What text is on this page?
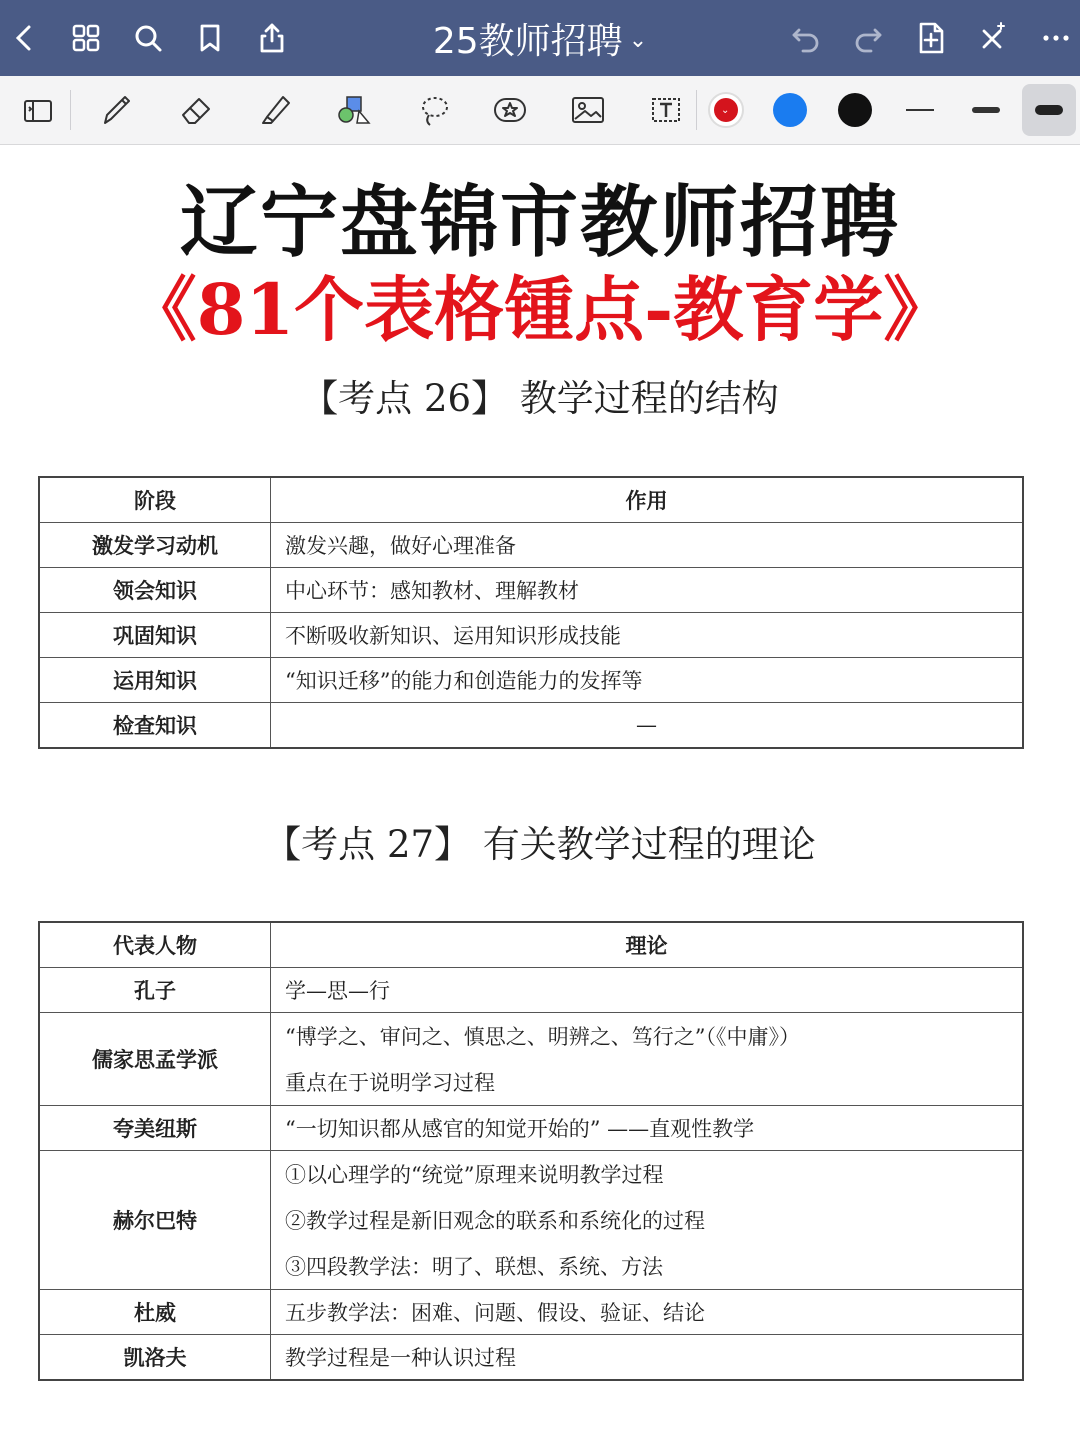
25教师招聘 ⌄
⌄
辽宁盘锦市教师招聘
《81个表格锺点-教育学》
【考点 26】 教学过程的结构
阶段	作用
激发学习动机	激发兴趣，做好心理准备
领会知识	中心环节：感知教材、理解教材
巩固知识	不断吸收新知识、运用知识形成技能
运用知识	“知识迁移”的能力和创造能力的发挥等
检查知识	—
【考点 27】 有关教学过程的理论
代表人物	理论
孔子	学—思—行
儒家思孟学派	“博学之、审问之、慎思之、明辨之、笃行之”（《中庸》）
重点在于说明学习过程

夸美纽斯	“一切知识都从感官的知觉开始的” ——直观性教学
赫尔巴特	①以心理学的“统觉”原理来说明教学过程
②教学过程是新旧观念的联系和系统化的过程
③四段教学法：明了、联想、系统、方法

杜威	五步教学法：困难、问题、假设、验证、结论
凯洛夫	教学过程是一种认识过程
